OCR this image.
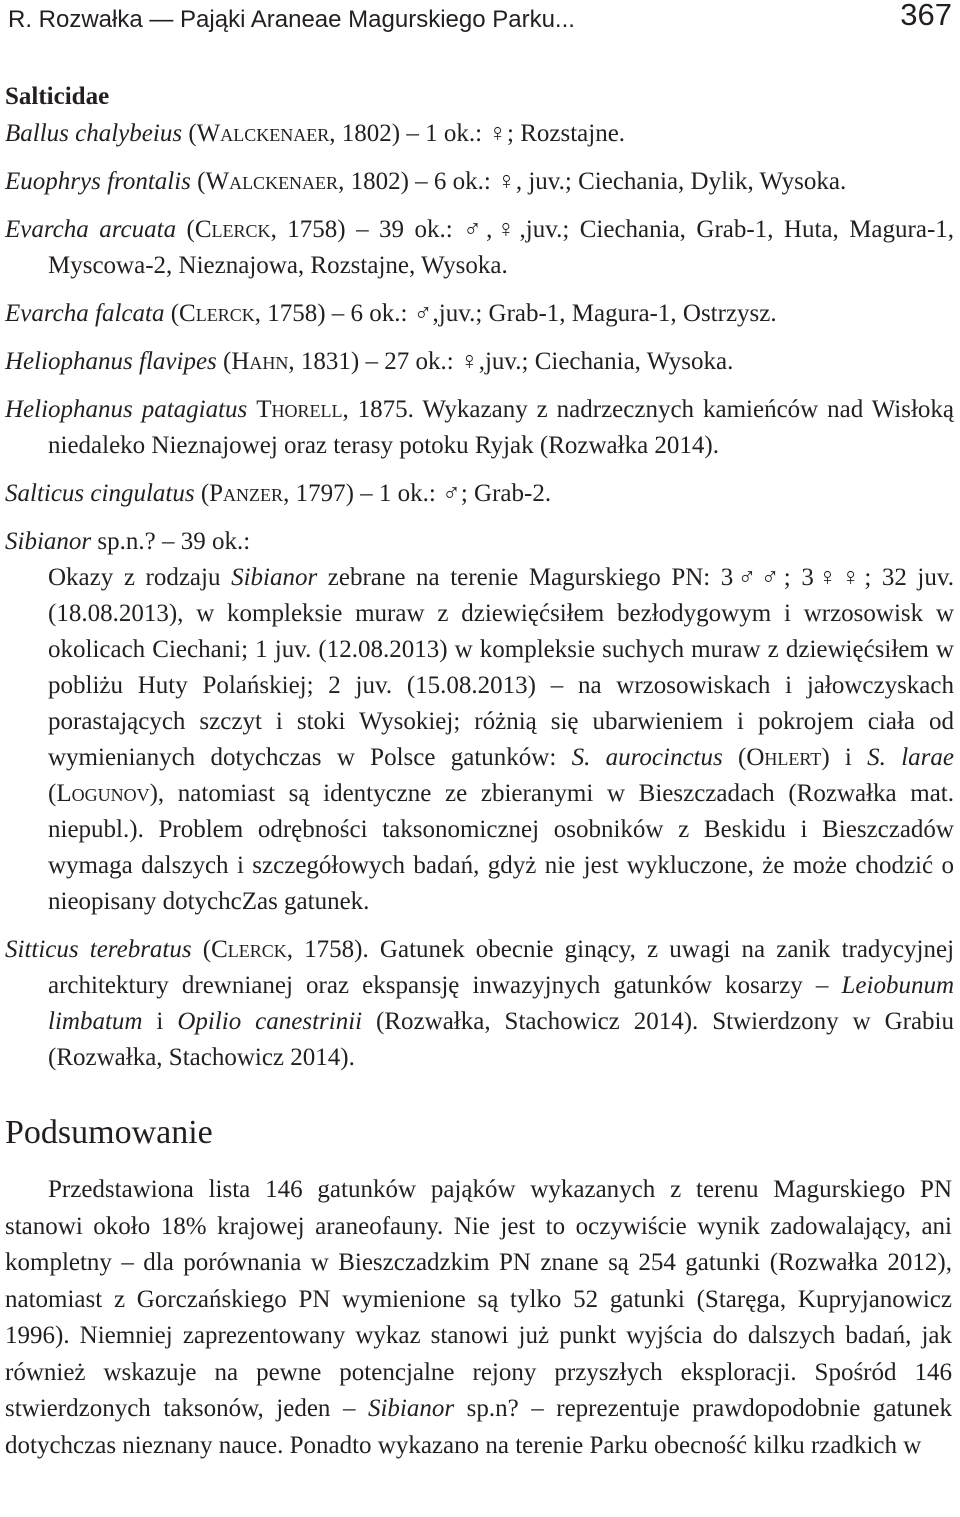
R. Rozwałka — Pająki Araneae Magurskiego Parku...	367
Salticidae

Ballus chalybeius (Walckenaer, 1802) – 1 ok.: ♀; Rozstajne.

Euophrys frontalis (Walckenaer, 1802) – 6 ok.: ♀, juv.; Ciechania, Dylik, Wysoka.

Evarcha arcuata (Clerck, 1758) – 39 ok.: ♂,♀,juv.; Ciechania, Grab-1, Huta, Magura-1, Myscowa-2, Nieznajowa, Rozstajne, Wysoka.

Evarcha falcata (Clerck, 1758) – 6 ok.: ♂,juv.; Grab-1, Magura-1, Ostrzysz.

Heliophanus flavipes (Hahn, 1831) – 27 ok.: ♀,juv.; Ciechania, Wysoka.

Heliophanus patagiatus Thorell, 1875. Wykazany z nadrzecznych kamieńców nad Wisłoką niedaleko Nieznajowej oraz terasy potoku Ryjak (Rozwałka 2014).

Salticus cingulatus (Panzer, 1797) – 1 ok.: ♂; Grab-2.

Sibianor sp.n.? – 39 ok.:
Okazy z rodzaju Sibianor zebrane na terenie Magurskiego PN: 3♂♂; 3♀♀; 32 juv. (18.08.2013), w kompleksie muraw z dziewięćsiłem bezłodygowym i wrzosowisk w okolicach Ciechani; 1 juv. (12.08.2013) w kompleksie suchych muraw z dziewięćsiłem w pobliżu Huty Polańskiej; 2 juv. (15.08.2013) – na wrzosowiskach i jałowczyskach porastających szczyt i stoki Wysokiej; różnią się ubarwieniem i pokrojem ciała od wymienianych dotychczas w Polsce gatunków: S. aurocinctus (Ohlert) i S. larae (Logunov), natomiast są identyczne ze zbieranymi w Bieszczadach (Rozwałka mat. niepubl.). Problem odrębności taksonomicznej osobników z Beskidu i Bieszczadów wymaga dalszych i szczegółowych badań, gdyż nie jest wykluczone, że może chodzić o nieopisany dotychcZas gatunek.

Sitticus terebratus (Clerck, 1758). Gatunek obecnie ginący, z uwagi na zanik tradycyjnej architektury drewnianej oraz ekspansję inwazyjnych gatunków kosarzy – Leiobunum limbatum i Opilio canestrinii (Rozwałka, Stachowicz 2014). Stwierdzony w Grabiu (Rozwałka, Stachowicz 2014).

Podsumowanie

Przedstawiona lista 146 gatunków pająków wykazanych z terenu Magurskiego PN stanowi około 18% krajowej araneofauny. Nie jest to oczywiście wynik zadowalający, ani kompletny – dla porównania w Bieszczadzkim PN znane są 254 gatunki (Rozwałka 2012), natomiast z Gorczańskiego PN wymienione są tylko 52 gatunki (Staręga, Kupryjanowicz 1996). Niemniej zaprezentowany wykaz stanowi już punkt wyjścia do dalszych badań, jak również wskazuje na pewne potencjalne rejony przyszłych eksploracji. Spośród 146 stwierdzonych taksonów, jeden – Sibianor sp.n? – reprezentuje prawdopodobnie gatunek dotychczas nieznany nauce. Ponadto wykazano na terenie Parku obecność kilku rzadkich w
